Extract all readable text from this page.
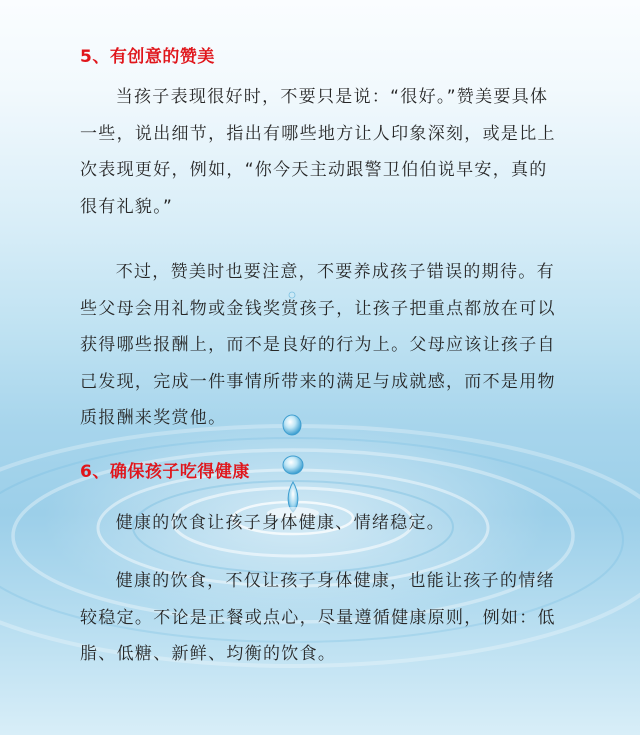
5、有创意的赞美

当孩子表现很好时，不要只是说：“很好。”赞美要具体一些，说出细节，指出有哪些地方让人印象深刻，或是比上次表现更好，例如，“你今天主动跟警卫伯伯说早安，真的很有礼貌。”

不过，赞美时也要注意，不要养成孩子错误的期待。有些父母会用礼物或金钱奖赏孩子，让孩子把重点都放在可以获得哪些报酬上，而不是良好的行为上。父母应该让孩子自己发现，完成一件事情所带来的满足与成就感，而不是用物质报酬来奖赏他。

6、确保孩子吃得健康

健康的饮食让孩子身体健康、情绪稳定。

健康的饮食，不仅让孩子身体健康，也能让孩子的情绪较稳定。不论是正餐或点心，尽量遵循健康原则，例如：低脂、低糖、新鲜、均衡的饮食。
